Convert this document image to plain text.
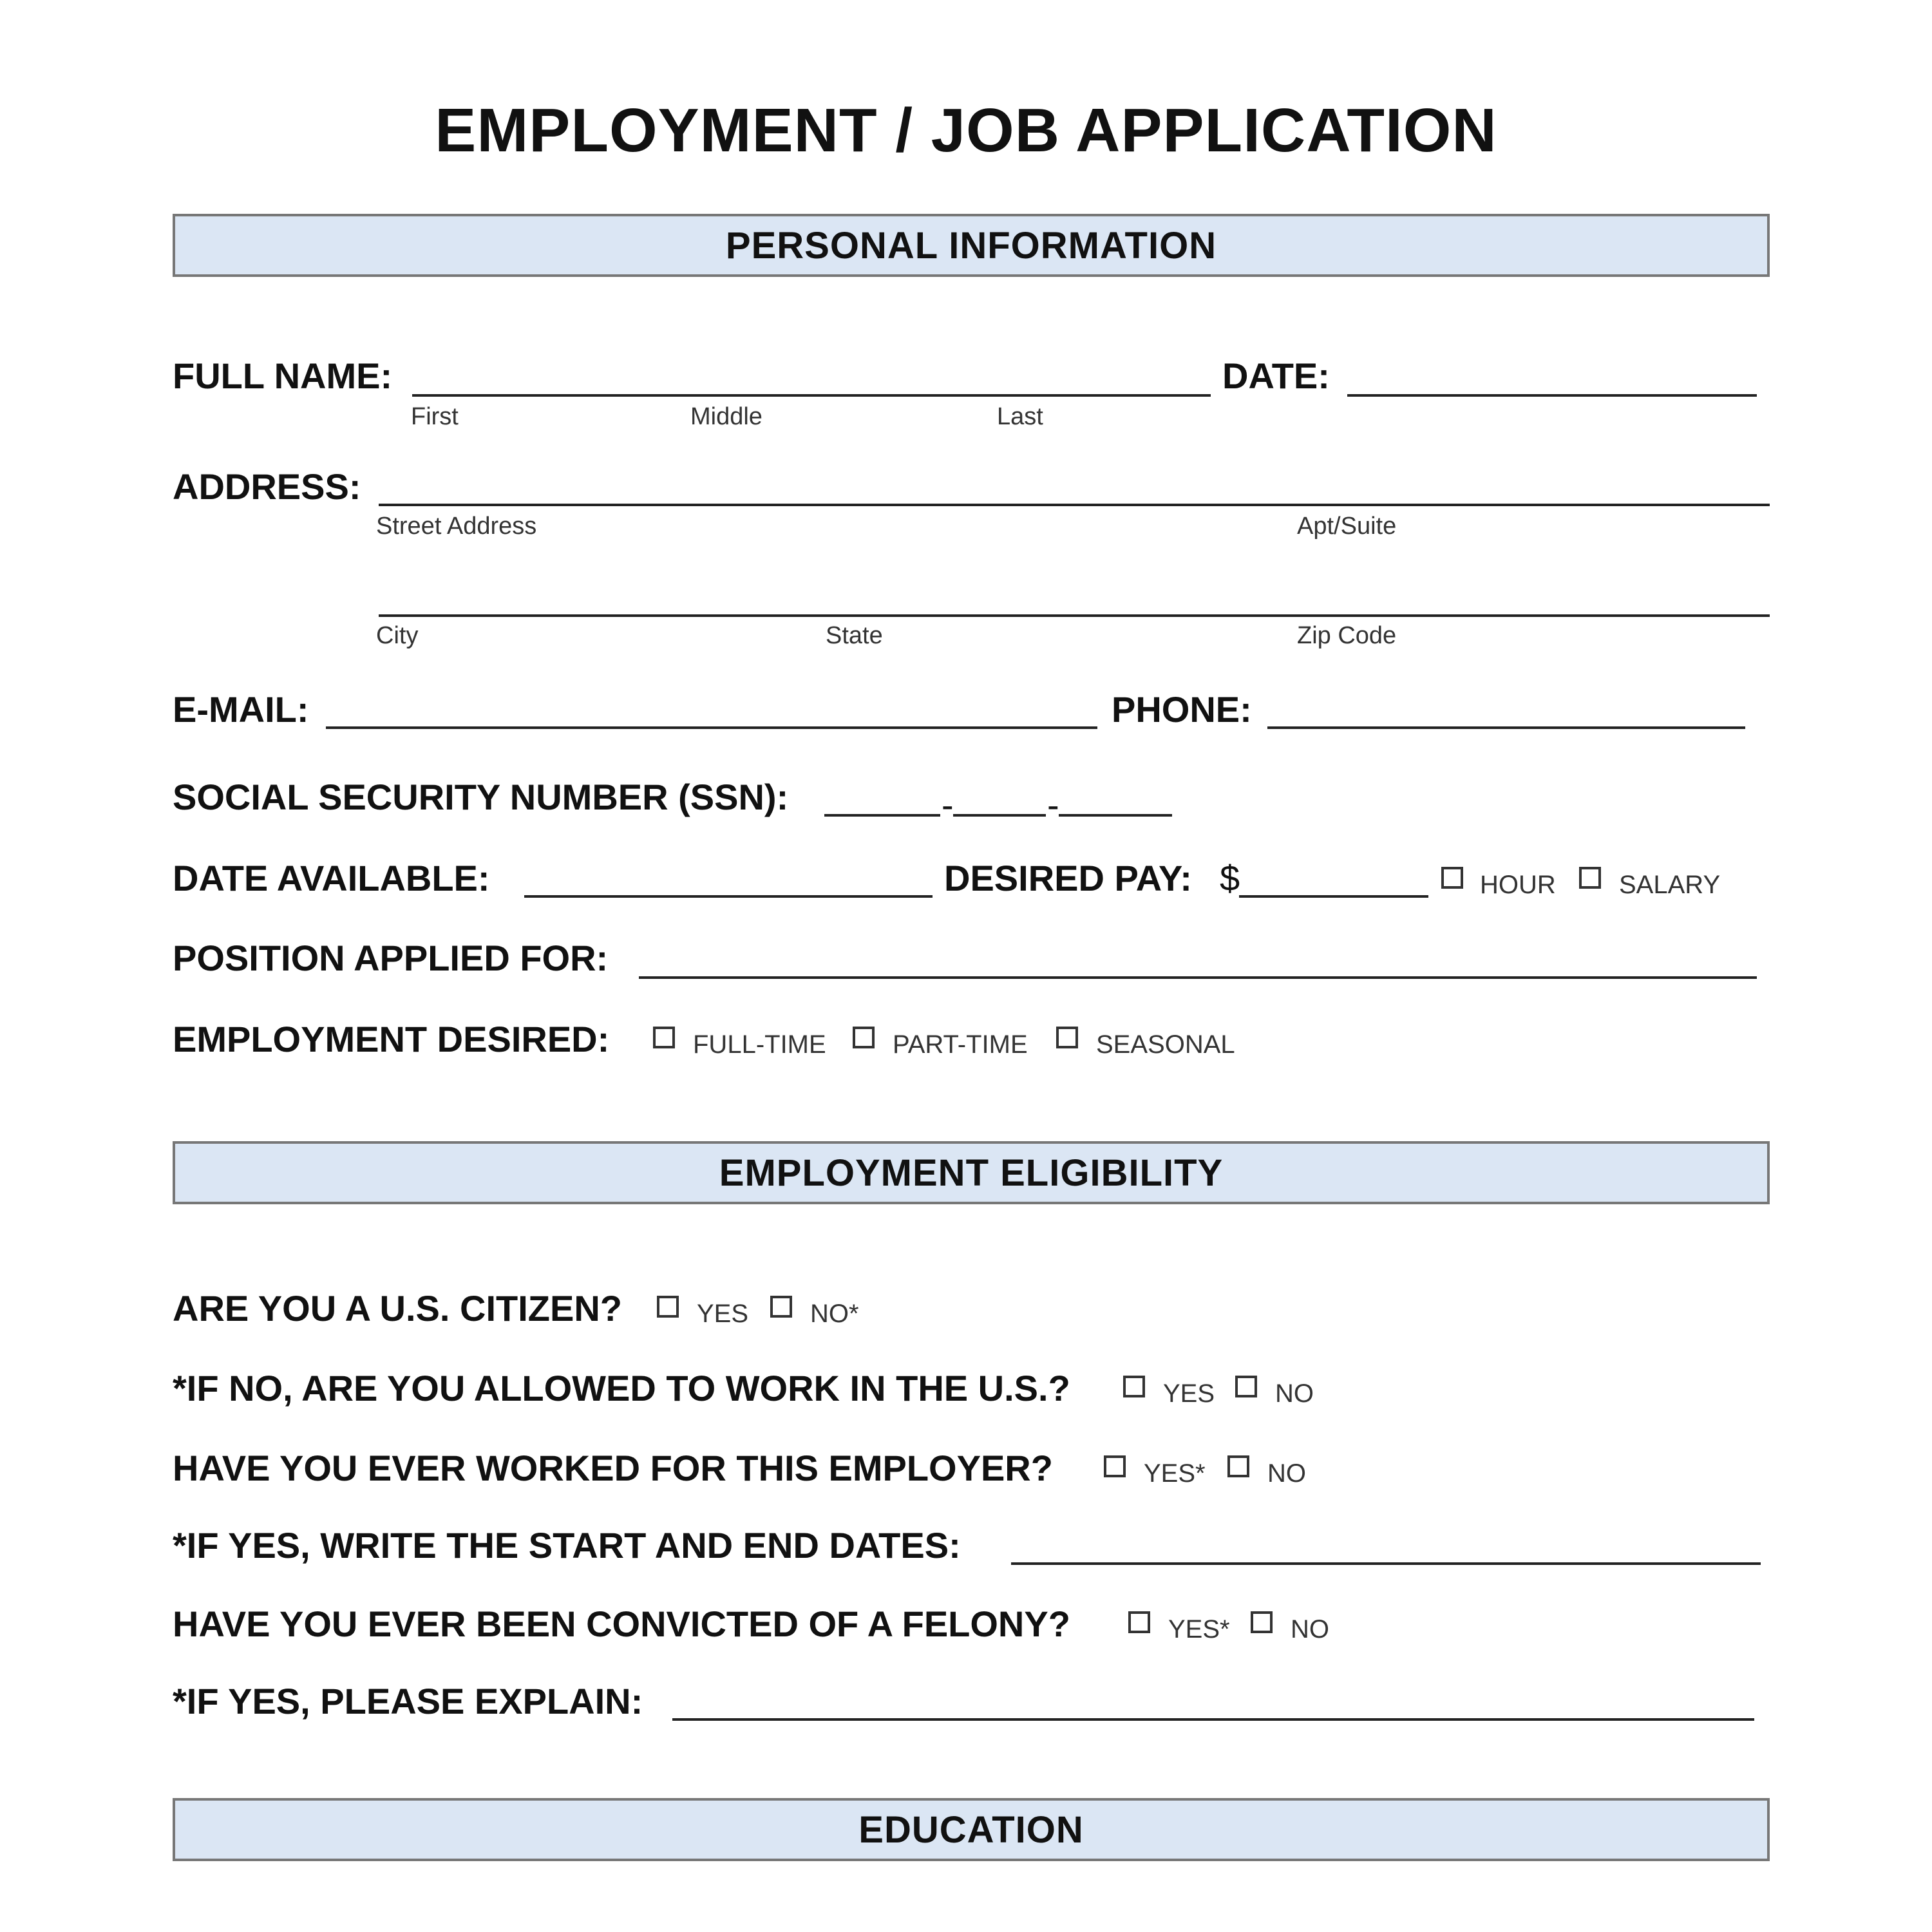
EMPLOYMENT / JOB APPLICATION
PERSONAL INFORMATION
FULL NAME:
First	Middle	Last
DATE:
ADDRESS:
Street Address	Apt/Suite
City	State	Zip Code
E-MAIL:	PHONE:
SOCIAL SECURITY NUMBER (SSN):	-	-
DATE AVAILABLE:	DESIRED PAY: $	HOUR SALARY
POSITION APPLIED FOR:
EMPLOYMENT DESIRED:	FULL-TIME	PART-TIME	SEASONAL
EMPLOYMENT ELIGIBILITY
ARE YOU A U.S. CITIZEN?	YES NO*
*IF NO, ARE YOU ALLOWED TO WORK IN THE U.S.?	YES NO
HAVE YOU EVER WORKED FOR THIS EMPLOYER?	YES* NO
*IF YES, WRITE THE START AND END DATES:
HAVE YOU EVER BEEN CONVICTED OF A FELONY?	YES* NO
*IF YES, PLEASE EXPLAIN:
EDUCATION
